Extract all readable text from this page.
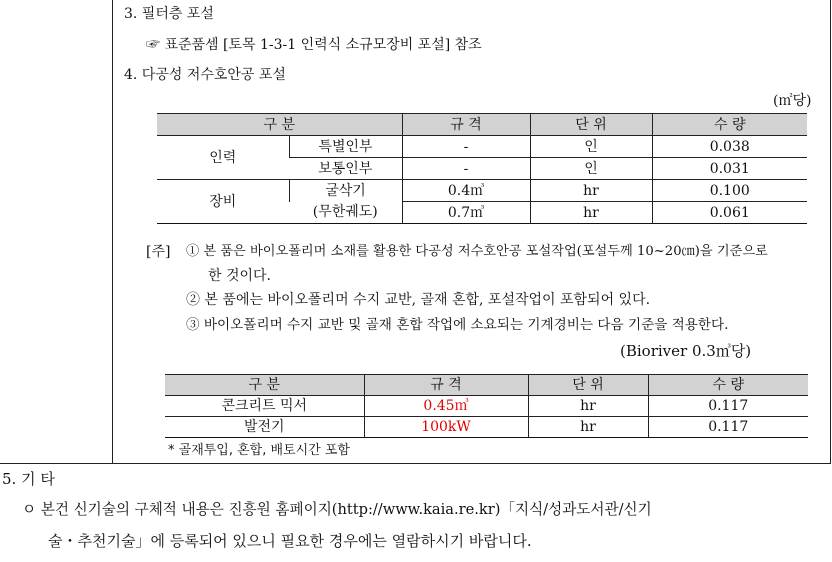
3. 필터층 포설
☞ 표준품셈 [토목 1-3-1 인력식 소규모장비 포설] 참조
4. 다공성 저수호안공 포설
(㎡당)
구 분		규 격	단 위	수 량
인력	특별인부	-	인	0.038
	보통인부	-	인	0.031
장비	굴삭기	0.4㎥	hr	0.100
	(무한궤도)	0.7㎥	hr	0.061
[주] ① 본 품은 바이오폴리머 소재를 활용한 다공성 저수호안공 포설작업(포설두께 10~20㎝)을 기준으로
한 것이다.
② 본 품에는 바이오폴리머 수지 교반, 골재 혼합, 포설작업이 포함되어 있다.
③ 바이오폴리머 수지 교반 및 골재 혼합 작업에 소요되는 기계경비는 다음 기준을 적용한다.
(Bioriver 0.3㎥당)
구 분	규 격	단 위	수 량
콘크리트 믹서	0.45㎥	hr	0.117
발전기	100kW	hr	0.117
* 골재투입, 혼합, 배토시간 포함
5. 기 타
ㅇ 본건 신기술의 구체적 내용은 진흥원 홈페이지(http://www.kaia.re.kr)「지식/성과도서관/신기
술・추천기술」에 등록되어 있으니 필요한 경우에는 열람하시기 바랍니다.
